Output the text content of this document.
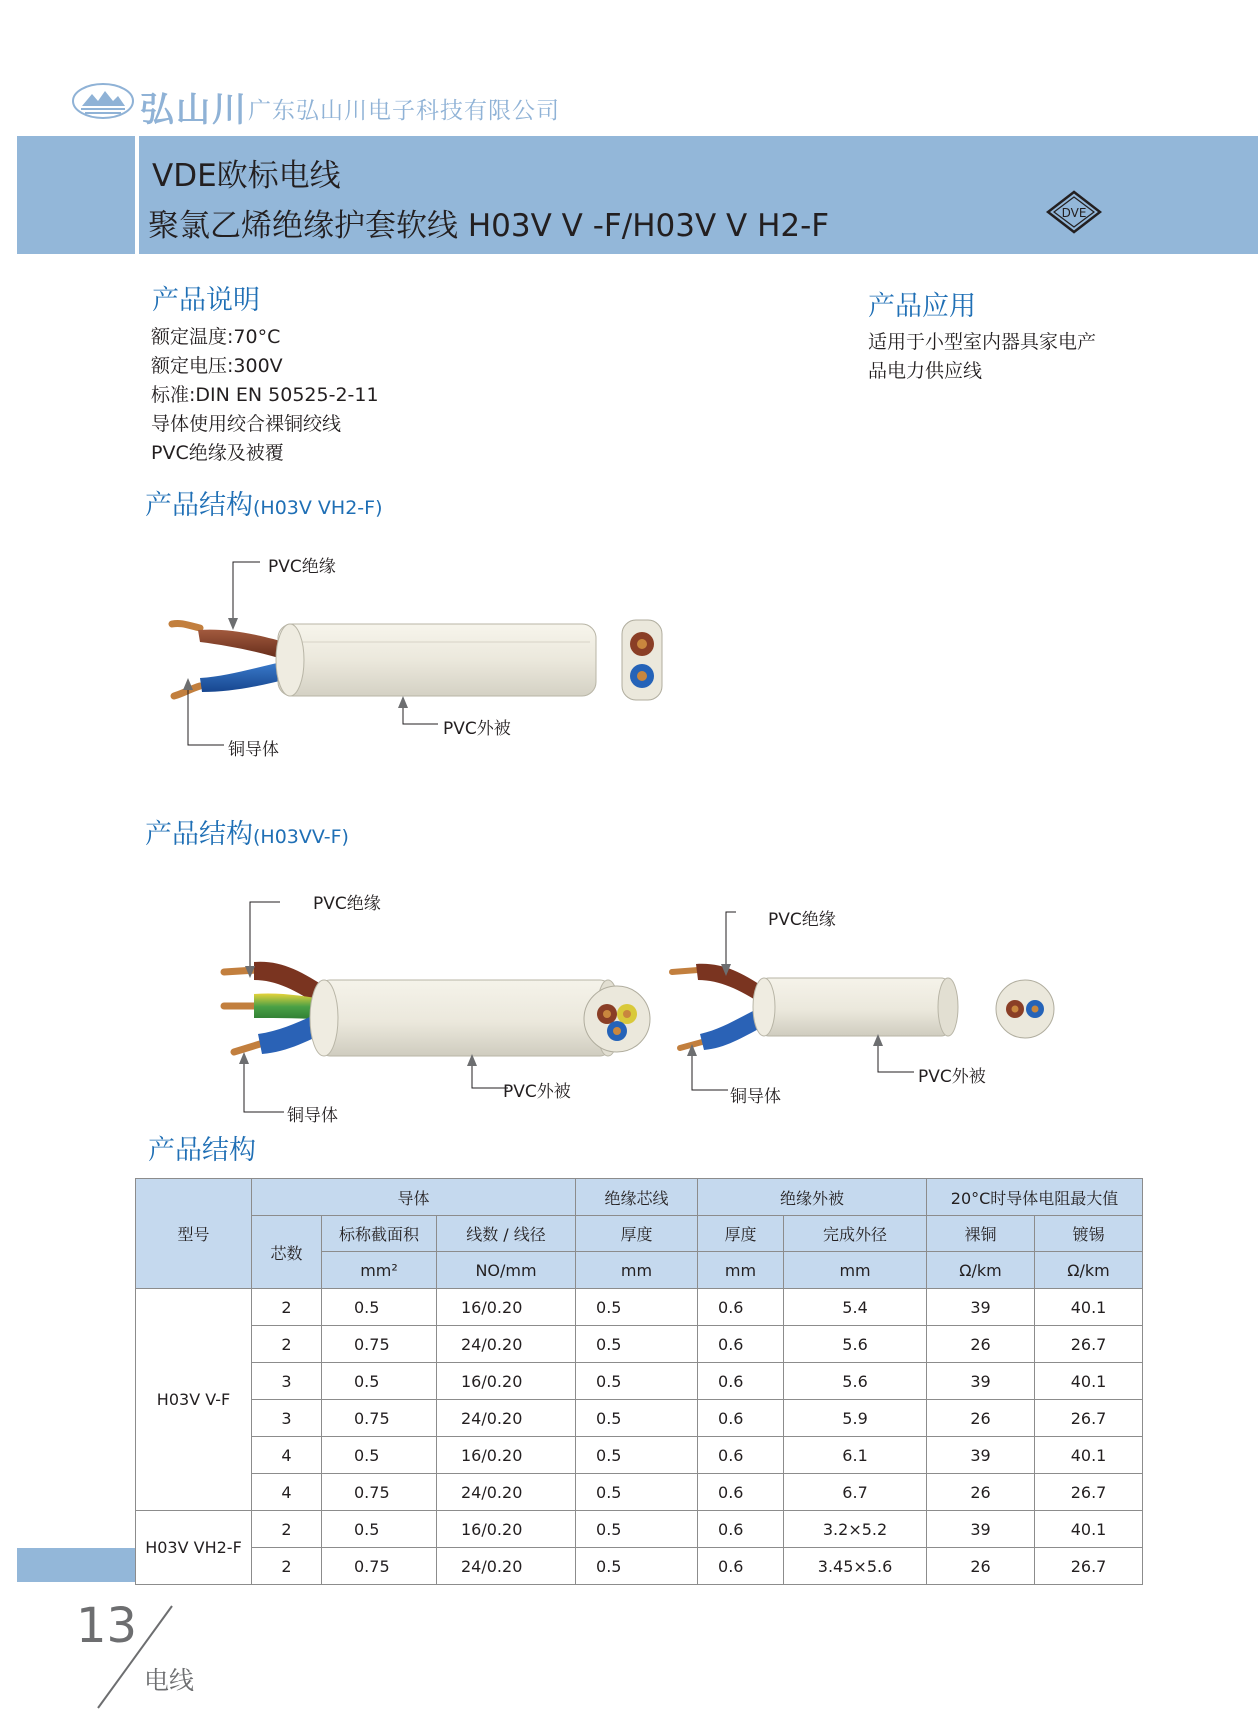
弘山川 广东弘山川电子科技有限公司
VDE欧标电线
聚氯乙烯绝缘护套软线 H03V V -F/H03V V H2-F	DVE
产品说明
额定温度:70°C
额定电压:300V
标准:DIN EN 50525-2-11
导体使用绞合裸铜绞线
PVC绝缘及被覆
产品应用
适用于小型室内器具家电产
品电力供应线
产品结构(H03V VH2-F)
PVC绝缘
铜导体
PVC外被
产品结构(H03VV-F)
PVC绝缘
铜导体
PVC外被
PVC绝缘
铜导体
PVC外被
产品结构
型号	导体			绝缘芯线	绝缘外被		20°C时导体电阻最大值	
	芯数	标称截面积	线数 / 线径	厚度	厚度	完成外径	裸铜	镀锡
		mm²	NO/mm	mm	mm	mm	Ω/km	Ω/km
H03V V-F	2	0.5	16/0.20	0.5	0.6	5.4	39	40.1
	2	0.75	24/0.20	0.5	0.6	5.6	26	26.7
	3	0.5	16/0.20	0.5	0.6	5.6	39	40.1
	3	0.75	24/0.20	0.5	0.6	5.9	26	26.7
	4	0.5	16/0.20	0.5	0.6	6.1	39	40.1
	4	0.75	24/0.20	0.5	0.6	6.7	26	26.7
H03V VH2-F	2	0.5	16/0.20	0.5	0.6	3.2×5.2	39	40.1
	2	0.75	24/0.20	0.5	0.6	3.45×5.6	26	26.7
13
电线
